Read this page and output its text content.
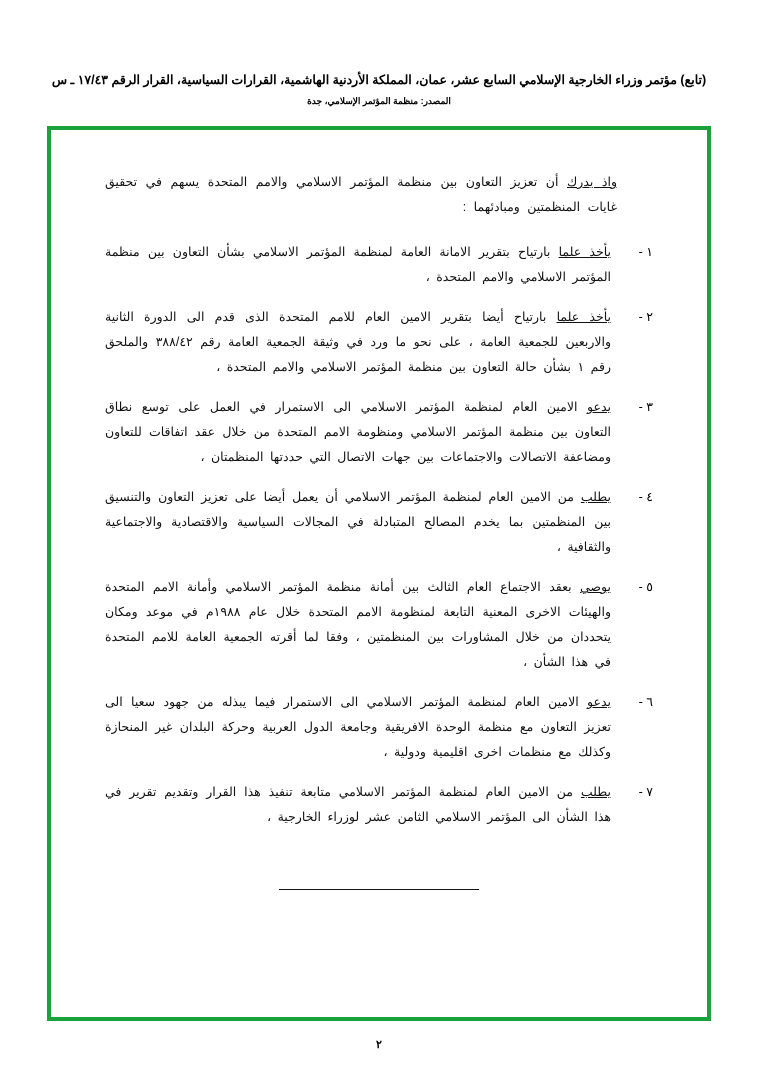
(تابع) مؤتمر وزراء الخارجية الإسلامي السابع عشر، عمان، المملكة الأردنية الهاشمية، القرارات السياسية، القرار الرقم ١٧/٤٣ ـ س
المصدر: منظمة المؤتمر الإسلامي، جدة
واذ يدرك أن تعزيز التعاون بين منظمة المؤتمر الاسلامي والامم المتحدة يسهم في تحقيق غايات المنظمتين ومبادئهما :
١ -
يأخذ علما بارتياح بتقرير الامانة العامة لمنظمة المؤتمر الاسلامي بشأن التعاون بين منظمة المؤتمر الاسلامي والامم المتحدة ،
٢ -
يأخذ علما بارتياح أيضا بتقرير الامين العام للامم المتحدة الذى قدم الى الدورة الثانية والاربعين للجمعية العامة ، على نحو ما ورد في وثيقة الجمعية العامة رقم ٣٨٨/٤٢ والملحق رقم ١ بشأن حالة التعاون بين منظمة المؤتمر الاسلامي والامم المتحدة ،
٣ -
يدعو الامين العام لمنظمة المؤتمر الاسلامي الى الاستمرار في العمل على توسع نطاق التعاون بين منظمة المؤتمر الاسلامي ومنظومة الامم المتحدة من خلال عقد اتفاقات للتعاون ومضاعفة الاتصالات والاجتماعات بين جهات الاتصال التي حددتها المنظمتان ،
٤ -
يطلب من الامين العام لمنظمة المؤتمر الاسلامي أن يعمل أيضا على تعزيز التعاون والتنسيق بين المنظمتين بما يخدم المصالح المتبادلة في المجالات السياسية والاقتصادية والاجتماعية والثقافية ،
٥ -
يوصي بعقد الاجتماع العام الثالث بين أمانة منظمة المؤتمر الاسلامي وأمانة الامم المتحدة والهيئات الاخرى المعنية التابعة لمنظومة الامم المتحدة خلال عام ١٩٨٨م في موعد ومكان يتحددان من خلال المشاورات بين المنظمتين ، وفقا لما أقرته الجمعية العامة للامم المتحدة في هذا الشأن ،
٦ -
يدعو الامين العام لمنظمة المؤتمر الاسلامي الى الاستمرار فيما يبذله من جهود سعيا الى تعزيز التعاون مع منظمة الوحدة الافريقية وجامعة الدول العربية وحركة البلدان غير المنحازة وكذلك مع منظمات اخرى اقليمية ودولية ،
٧ -
يطلب من الامين العام لمنظمة المؤتمر الاسلامي متابعة تنفيذ هذا القرار وتقديم تقرير في هذا الشأن الى المؤتمر الاسلامي الثامن عشر لوزراء الخارجية ،
٢
